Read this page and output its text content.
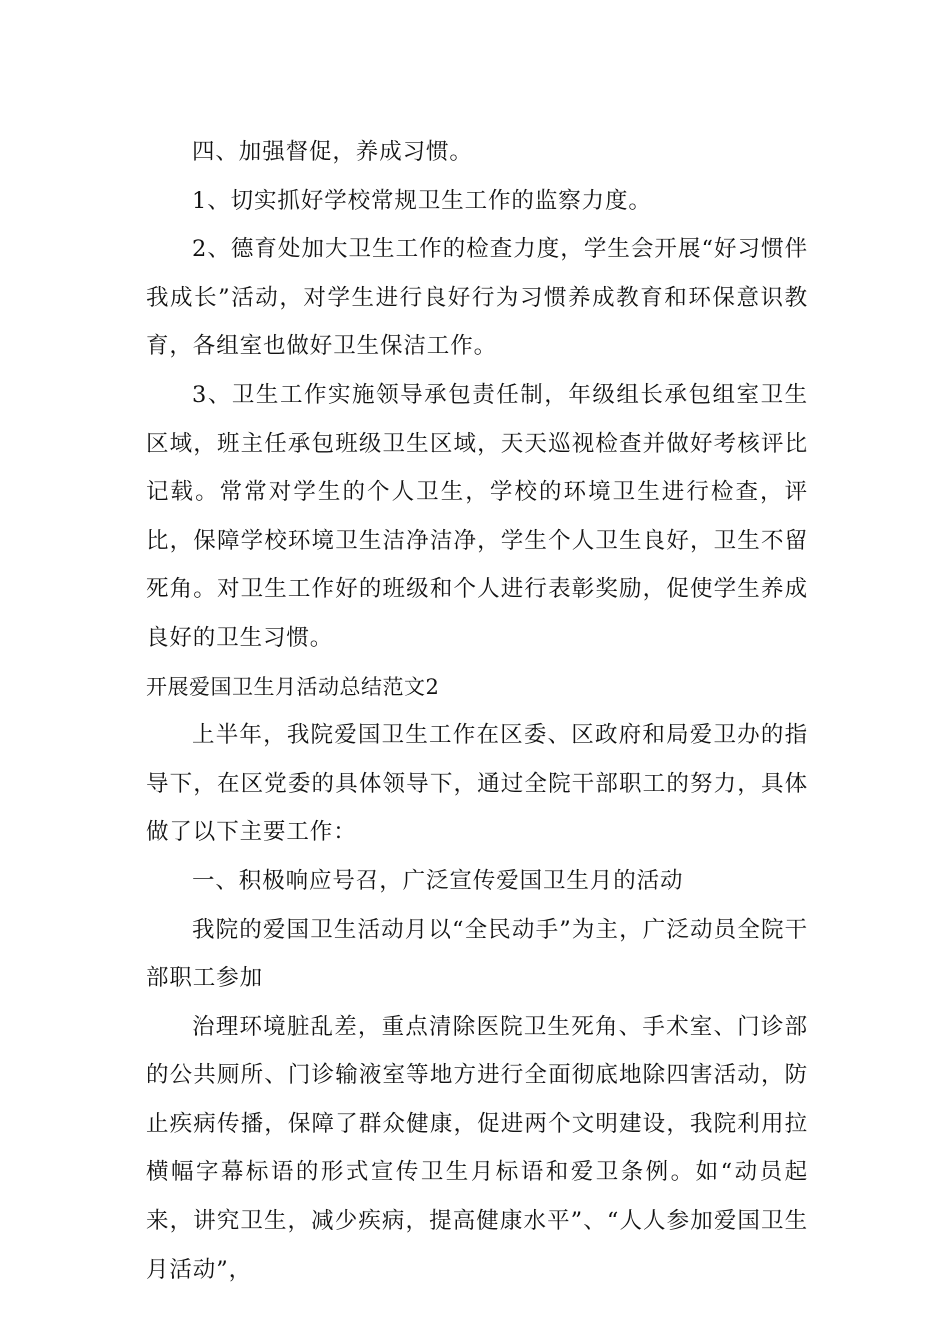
四、加强督促，养成习惯。

1、切实抓好学校常规卫生工作的监察力度。

2、德育处加大卫生工作的检查力度，学生会开展“好习惯伴我成长”活动，对学生进行良好行为习惯养成教育和环保意识教育，各组室也做好卫生保洁工作。

3、卫生工作实施领导承包责任制，年级组长承包组室卫生区域，班主任承包班级卫生区域，天天巡视检查并做好考核评比记载。常常对学生的个人卫生，学校的环境卫生进行检查，评比，保障学校环境卫生洁净洁净，学生个人卫生良好，卫生不留死角。对卫生工作好的班级和个人进行表彰奖励，促使学生养成良好的卫生习惯。

开展爱国卫生月活动总结范文2

上半年，我院爱国卫生工作在区委、区政府和局爱卫办的指导下，在区党委的具体领导下，通过全院干部职工的努力，具体做了以下主要工作：

一、积极响应号召，广泛宣传爱国卫生月的活动

我院的爱国卫生活动月以“全民动手”为主，广泛动员全院干部职工参加

治理环境脏乱差，重点清除医院卫生死角、手术室、门诊部的公共厕所、门诊输液室等地方进行全面彻底地除四害活动，防止疾病传播，保障了群众健康，促进两个文明建设，我院利用拉横幅字幕标语的形式宣传卫生月标语和爱卫条例。如“动员起来，讲究卫生，减少疾病，提高健康水平”、“人人参加爱国卫生月活动”，
